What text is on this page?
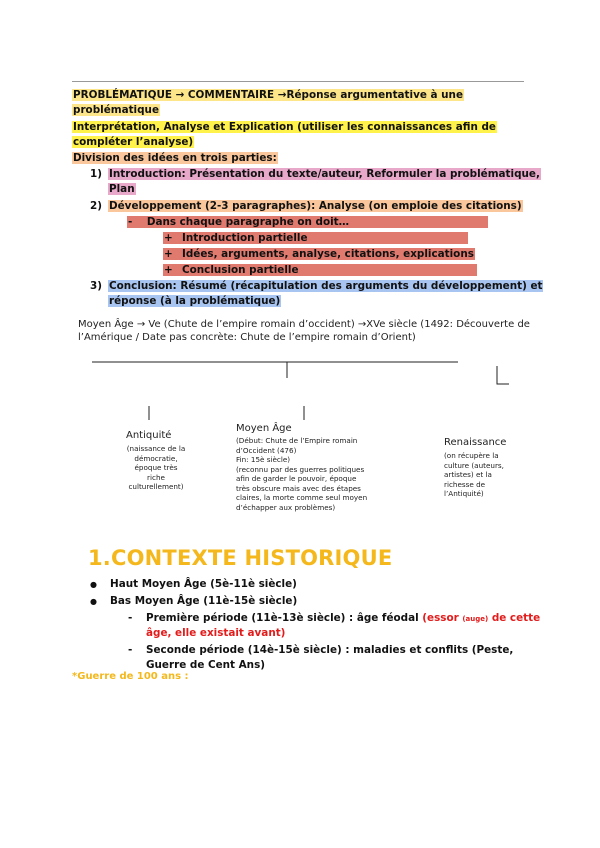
PROBLÉMATIQUE → COMMENTAIRE →Réponse argumentative à une
problématique
Interprétation, Analyse et Explication (utiliser les connaissances afin de
compléter l’analyse)
Division des idées en trois parties:
1) Introduction: Présentation du texte/auteur, Reformuler la problématique,
Plan
2) Développement (2-3 paragraphes): Analyse (on emploie des citations)
- Dans chaque paragraphe on doit…
+ Introduction partielle
+ Idées, arguments, analyse, citations, explications
+ Conclusion partielle
3) Conclusion: Résumé (récapitulation des arguments du développement) et
réponse (à la problématique)
Moyen Âge → Ve (Chute de l’empire romain d’occident) →XVe siècle (1492: Découverte de
l’Amérique / Date pas concrète: Chute de l’empire romain d’Orient)
Antiquité
(naissance de la
démocratie,
époque très
riche
culturellement)
Moyen Âge
(Début: Chute de l’Empire romain
d’Occident (476)
Fin: 15è siècle)
(reconnu par des guerres politiques
afin de garder le pouvoir, époque
très obscure mais avec des étapes
claires, la morte comme seul moyen
d’échapper aux problèmes)
Renaissance
(on récupère la
culture (auteurs,
artistes) et la
richesse de
l’Antiquité)
1.CONTEXTE HISTORIQUE
● Haut Moyen Âge (5è-11è siècle)
● Bas Moyen Âge (11è-15è siècle)
- Première période (11è-13è siècle) : âge féodal (essor (auge) de cette
âge, elle existait avant)
- Seconde période (14è-15è siècle) : maladies et conflits (Peste,
Guerre de Cent Ans)
*Guerre de 100 ans :
